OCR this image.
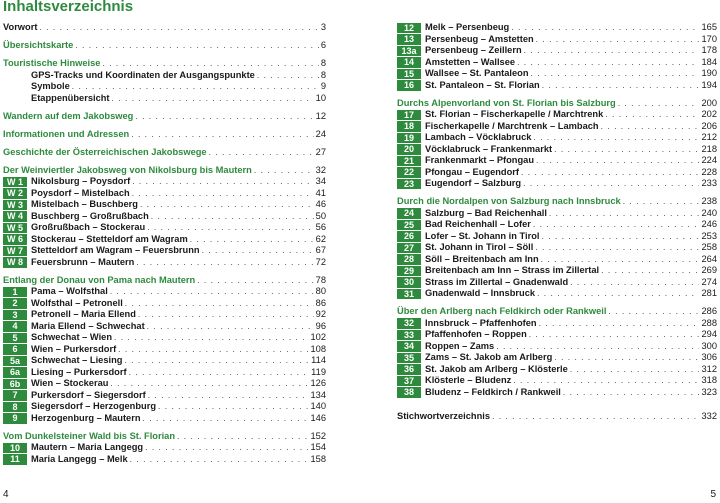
Inhaltsverzeichnis
Vorwort . . .	3
Übersichtskarte . . .	6
Touristische Hinweise . . .	8
GPS-Tracks und Koordinaten der Ausgangspunkte . . .	8
Symbole . . .	9
Etappenübersicht . . .	10
Wandern auf dem Jakobsweg . . .	12
Informationen und Adressen . . .	24
Geschichte der Österreichischen Jakobswege . . .	27
Der Weinviertler Jakobsweg von Nikolsburg bis Mautern . . .	32
W 1 Nikolsburg – Poysdorf . . .	34
W 2 Poysdorf – Mistelbach . . .	41
W 3 Mistelbach – Buschberg . . .	46
W 4 Buschberg – Großrußbach . . .	50
W 5 Großrußbach – Stockerau . . .	56
W 6 Stockerau – Stetteldorf am Wagram . . .	62
W 7 Stetteldorf am Wagram – Feuersbrunn . . .	67
W 8 Feuersbrunn – Mautern . . .	72
Entlang der Donau von Pama nach Mautern . . .	78
1	Pama – Wolfsthal . . .	80
2	Wolfsthal – Petronell . . .	86
3	Petronell – Maria Ellend . . .	92
4	Maria Ellend – Schwechat . . .	96
5	Schwechat – Wien . . .	102
6	Wien – Purkersdorf . . .	108
5a	Schwechat – Liesing . . .	114
6a	Liesing – Purkersdorf . . .	119
6b	Wien – Stockerau . . .	126
7	Purkersdorf – Siegersdorf . . .	134
8	Siegersdorf – Herzogenburg . . .	140
9	Herzogenburg – Mautern . . .	146
Vom Dunkelsteiner Wald bis St. Florian . . .	152
10	Mautern – Maria Langegg . . .	154
11	Maria Langegg – Melk . . .	158
12	Melk – Persenbeug . . .	165
13	Persenbeug – Amstetten . . .	170
13a Persenbeug – Zeillern . . .	178
14	Amstetten – Wallsee . . .	184
15	Wallsee – St. Pantaleon . . .	190
16	St. Pantaleon – St. Florian . . .	194
Durchs Alpenvorland von St. Florian bis Salzburg . . .	200
17	St. Florian – Fischerkapelle / Marchtrenk . . .	202
18	Fischerkapelle / Marchtrenk – Lambach . . .	206
19	Lambach – Vöcklabruck . . .	212
20	Vöcklabruck – Frankenmarkt . . .	218
21	Frankenmarkt – Pfongau . . .	224
22	Pfongau – Eugendorf . . .	228
23	Eugendorf – Salzburg . . .	233
Durch die Nordalpen von Salzburg nach Innsbruck . . .	238
24	Salzburg – Bad Reichenhall . . .	240
25	Bad Reichenhall – Lofer . . .	246
26	Lofer – St. Johann in Tirol . . .	253
27	St. Johann in Tirol – Söll . . .	258
28	Söll – Breitenbach am Inn . . .	264
29	Breitenbach am Inn – Strass im Zillertal . . .	269
30	Strass im Zillertal – Gnadenwald . . .	274
31	Gnadenwald – Innsbruck . . .	281
Über den Arlberg nach Feldkirch oder Rankweil . . .	286
32	Innsbruck – Pfaffenhofen . . .	288
33	Pfaffenhofen – Roppen . . .	294
34	Roppen – Zams . . .	300
35	Zams – St. Jakob am Arlberg . . .	306
36	St. Jakob am Arlberg – Klösterle . . .	312
37	Klösterle – Bludenz . . .	318
38	Bludenz – Feldkirch / Rankweil . . .	323
Stichwortverzeichnis . . .	332
4	5
